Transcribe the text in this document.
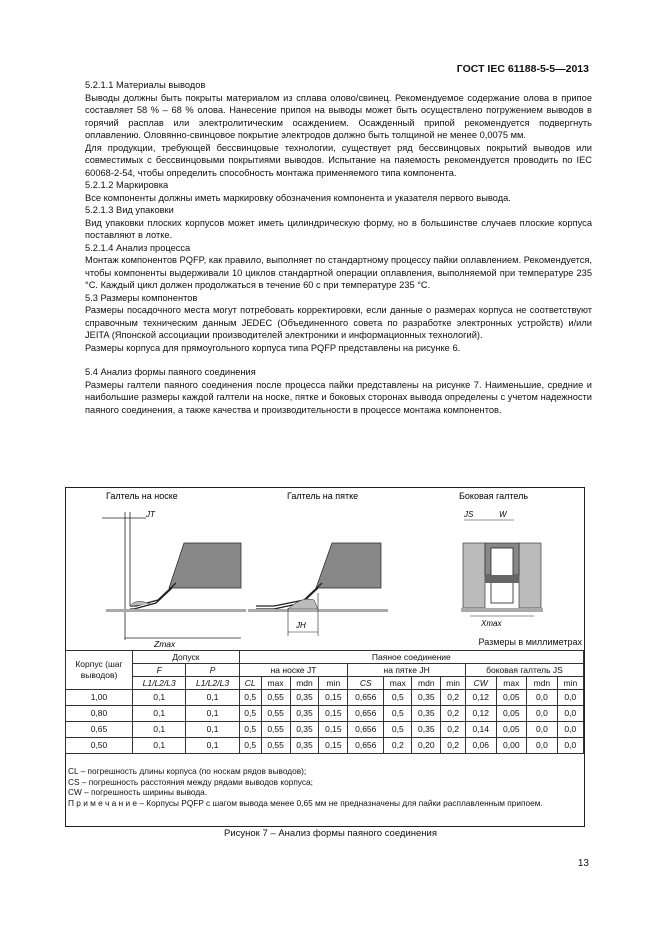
ГОСТ IEC 61188-5-5—2013

5.2.1.1 Материалы выводов

Выводы должны быть покрыты материалом из сплава олово/свинец. Рекомендуемое содержание олова в припое составляет 58 % – 68 % олова. Нанесение припоя на выводы может быть осуществлено погружением выводов в горячий расплав или электролитическим осаждением. Осажденный припой рекомендуется подвергнуть оплавлению. Оловянно-свинцовое покрытие электродов должно быть толщиной не менее 0,0075 мм.

Для продукции, требующей бессвинцовые технологии, существует ряд бессвинцовых покрытий выводов или совместимых с бессвинцовыми покрытиями выводов. Испытание на паяемость рекомендуется проводить по IEC 60068-2-54, чтобы определить способность монтажа применяемого типа компонента.

5.2.1.2 Маркировка

Все компоненты должны иметь маркировку обозначения компонента и указателя первого вывода.

5.2.1.3 Вид упаковки

Вид упаковки плоских корпусов может иметь цилиндрическую форму, но в большинстве случаев плоские корпуса поставляют в лотке.

5.2.1.4 Анализ процесса

Монтаж компонентов PQFP, как правило, выполняет по стандартному процессу пайки оплавлением. Рекомендуется, чтобы компоненты выдерживали 10 циклов стандартной операции оплавления, выполняемой при температуре 235 °С. Каждый цикл должен продолжаться в течение 60 с при температуре 235 °С.

5.3 Размеры компонентов

Размеры посадочного места могут потребовать корректировки, если данные о размерах корпуса не соответствуют справочным техническим данным JEDEC (Объединенного совета по разработке электронных устройств) и/или JEITA (Японской ассоциации производителей электроники и информационных технологий).

Размеры корпуса для прямоугольного корпуса типа PQFP представлены на рисунке 6.

5.4 Анализ формы паяного соединения

Размеры галтели паяного соединения после процесса пайки представлены на рисунке 7. Наименьшие, средние и наибольшие размеры каждой галтели на носке, пятке и боковых сторонах вывода определены с учетом надежности паяного соединения, а также качества и производительности в процессе монтажа компонентов.

Галтель на носке	Галтель на пятке	Боковая галтель
JT
Zmax
JH
JS	W
Xmax
Размеры в миллиметрах
Корпус (шаг выводов)	Допуск		Паяное соединение											
	F	P	на носке JT				на пятке JH				боковая галтель JS			
	L1/L2/L3	L1/L2/L3	CL	max	mdn	min	CS	max	mdn	min	CW	max	mdn	min
1,00	0,1	0,1	0,5	0,55	0,35	0,15	0,656	0,5	0,35	0,2	0,12	0,05	0,0	0,0
0,80	0,1	0,1	0,5	0,55	0,35	0,15	0,656	0,5	0,35	0,2	0,12	0,05	0,0	0,0
0,65	0,1	0,1	0,5	0,55	0,35	0,15	0,656	0,5	0,35	0,2	0,14	0,05	0,0	0,0
0,50	0,1	0,1	0,5	0,55	0,35	0,15	0,656	0,2	0,20	0,2	0,06	0,00	0,0	0,0

CL – погрешность длины корпуса (по носкам рядов выводов);

CS – погрешность расстояния между рядами выводов корпуса;

CW – погрешность ширины вывода.

П р и м е ч а н и е – Корпусы PQFP с шагом вывода менее 0,65 мм не предназначены для пайки расплавленным припоем.

Рисунок 7 – Анализ формы паяного соединения
13
